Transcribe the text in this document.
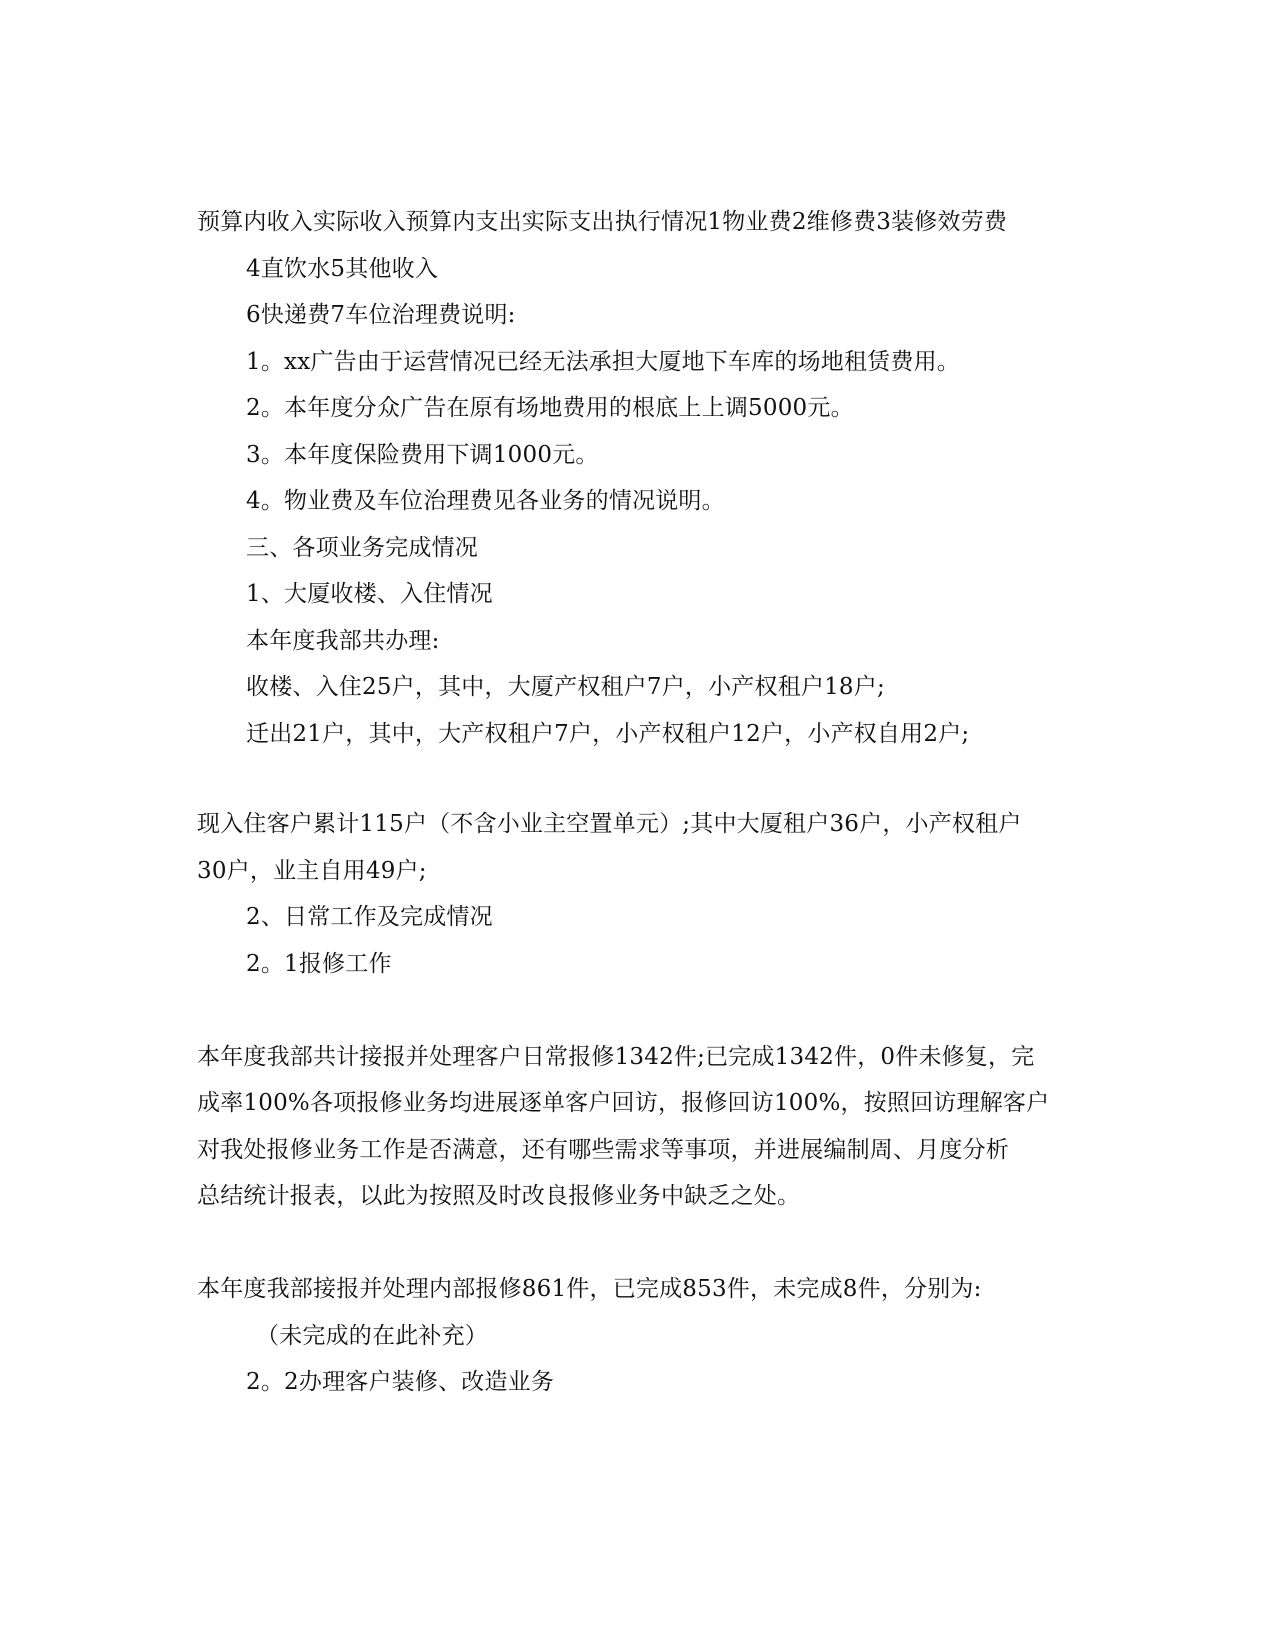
预算内收入实际收入预算内支出实际支出执行情况1物业费2维修费3装修效劳费
4直饮水5其他收入
6快递费7车位治理费说明:
1。xx广告由于运营情况已经无法承担大厦地下车库的场地租赁费用。
2。本年度分众广告在原有场地费用的根底上上调5000元。
3。本年度保险费用下调1000元。
4。物业费及车位治理费见各业务的情况说明。
三、各项业务完成情况
1、大厦收楼、入住情况
本年度我部共办理:
收楼、入住25户，其中，大厦产权租户7户，小产权租户18户;
迁出21户，其中，大产权租户7户，小产权租户12户，小产权自用2户;
现入住客户累计115户（不含小业主空置单元）;其中大厦租户36户，小产权租户
30户，业主自用49户;
2、日常工作及完成情况
2。1报修工作
本年度我部共计接报并处理客户日常报修1342件;已完成1342件，0件未修复，完
成率100%各项报修业务均进展逐单客户回访，报修回访100%，按照回访理解客户
对我处报修业务工作是否满意，还有哪些需求等事项，并进展编制周、月度分析
总结统计报表，以此为按照及时改良报修业务中缺乏之处。
本年度我部接报并处理内部报修861件，已完成853件，未完成8件，分别为:
（未完成的在此补充）
2。2办理客户装修、改造业务
